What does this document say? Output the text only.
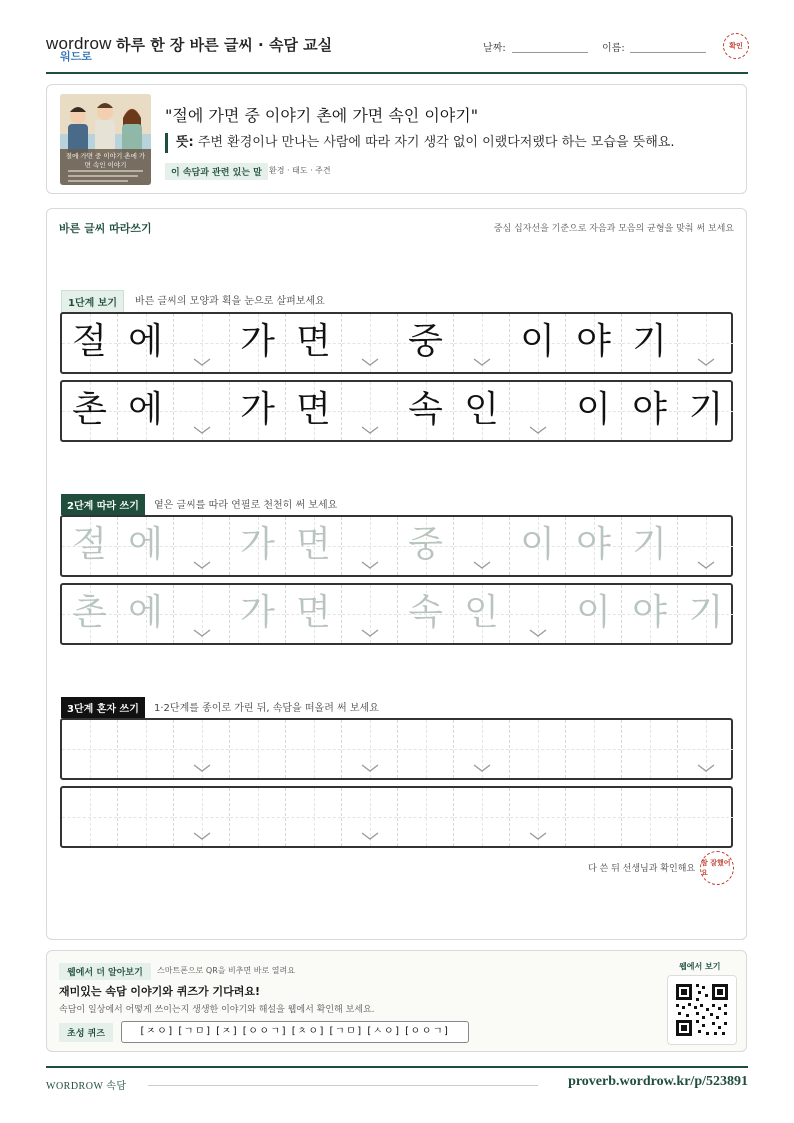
wordrow
워드로
하루 한 장 바른 글씨 · 속담 교실	날짜:	이름:	확인
절에 가면 중 이야기 촌에 가면 속인 이야기
"절에 가면 중 이야기 촌에 가면 속인 이야기"
뜻: 주변 환경이나 만나는 사람에 따라 자기 생각 없이 이랬다저랬다 하는 모습을 뜻해요.
이 속담과 관련 있는 말 환경 · 태도 · 주견
바른 글씨 따라쓰기	중심 십자선을 기준으로 자음과 모음의 균형을 맞춰 써 보세요
1단계 보기	바른 글씨의 모양과 획을 눈으로 살펴보세요
2단계 따라 쓰기	옅은 글씨를 따라 연필로 천천히 써 보세요
3단계 혼자 쓰기	1·2단계를 종이로 가린 뒤, 속담을 떠올려 써 보세요
다 쓴 뒤 선생님과 확인해요
참 잘했어요
절 에 가 면 중 이 야 기
촌 에 가 면 속 인 이 야 기
절 에 가 면 중 이 야 기
촌 에 가 면 속 인 이 야 기
웹에서 더 알아보기	스마트폰으로 QR을 비추면 바로 열려요
재미있는 속담 이야기와 퀴즈가 기다려요!
속담이 일상에서 어떻게 쓰이는지 생생한 이야기와 해설을 웹에서 확인해 보세요.
초성 퀴즈	[ㅈㅇ] [ㄱㅁ] [ㅈ] [ㅇㅇㄱ] [ㅊㅇ] [ㄱㅁ] [ㅅㅇ] [ㅇㅇㄱ]
웹에서 보기
WORDROW 속담	proverb.wordrow.kr/p/523891
